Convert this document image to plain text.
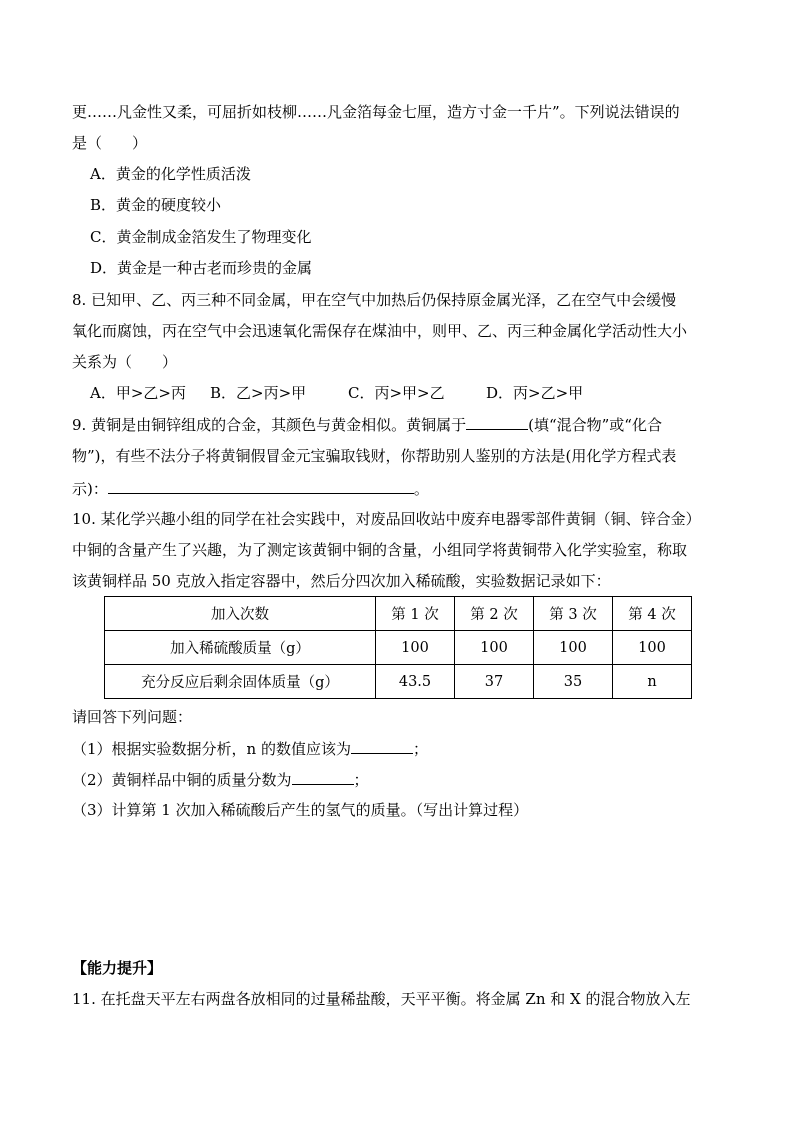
更……凡金性又柔，可屈折如枝柳……凡金箔每金七厘，造方寸金一千片”。下列说法错误的
是（　　）
A．黄金的化学性质活泼
B．黄金的硬度较小
C．黄金制成金箔发生了物理变化
D．黄金是一种古老而珍贵的金属
8. 已知甲、乙、丙三种不同金属，甲在空气中加热后仍保持原金属光泽，乙在空气中会缓慢
氧化而腐蚀，丙在空气中会迅速氧化需保存在煤油中，则甲、乙、丙三种金属化学活动性大小
关系为（　　）
A．甲>乙>丙 B．乙>丙>甲	C．丙>甲>乙	D．丙>乙>甲
9. 黄铜是由铜锌组成的合金，其颜色与黄金相似。黄铜属于	(填“混合物”或“化合
物”)，有些不法分子将黄铜假冒金元宝骗取钱财，你帮助别人鉴别的方法是(用化学方程式表
示)：	。
10. 某化学兴趣小组的同学在社会实践中，对废品回收站中废弃电器零部件黄铜（铜、锌合金）
中铜的含量产生了兴趣，为了测定该黄铜中铜的含量，小组同学将黄铜带入化学实验室，称取
该黄铜样品 50 克放入指定容器中，然后分四次加入稀硫酸，实验数据记录如下：
加入次数	第 1 次	第 2 次	第 3 次	第 4 次
加入稀硫酸质量（g）	100	100	100	100
充分反应后剩余固体质量（g）	43.5	37	35	n
请回答下列问题：
（1）根据实验数据分析，n 的数值应该为	；
（2）黄铜样品中铜的质量分数为	；
（3）计算第 1 次加入稀硫酸后产生的氢气的质量。（写出计算过程）
【能力提升】
11. 在托盘天平左右两盘各放相同的过量稀盐酸，天平平衡。将金属 Zn 和 X 的混合物放入左
